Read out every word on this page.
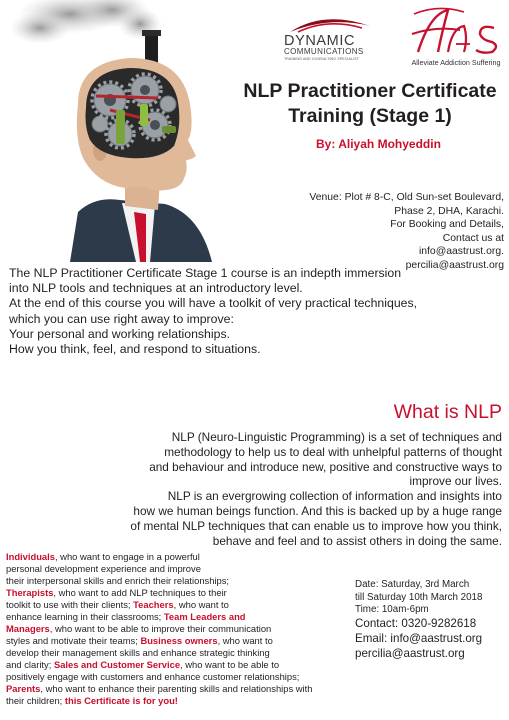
DYNAMIC
COMMUNICATIONS
TRAINING AND CONSULTING SPECIALIST	Alleviate Addiction Suffering
NLP Practitioner Certificate
Training (Stage 1)
By: Aliyah Mohyeddin
Venue: Plot # 8-C, Old Sun-set Boulevard,
Phase 2, DHA, Karachi.
For Booking and Details,
Contact us at
info@aastrust.org.
percilia@aastrust.org
The NLP Practitioner Certificate Stage 1 course is an indepth immersion
into NLP tools and techniques at an introductory level.
At the end of this course you will have a toolkit of very practical techniques,
which you can use right away to improve:
Your personal and working relationships.
How you think, feel, and respond to situations.
What is NLP
NLP (Neuro-Linguistic Programming) is a set of techniques and
methodology to help us to deal with unhelpful patterns of thought
and behaviour and introduce new, positive and constructive ways to
improve our lives.
NLP is an evergrowing collection of information and insights into
how we human beings function. And this is backed up by a huge range
of mental NLP techniques that can enable us to improve how you think,
behave and feel and to assist others in doing the same.
Individuals, who want to engage in a powerful
personal development experience and improve
their interpersonal skills and enrich their relationships;
Therapists, who want to add NLP techniques to their
toolkit to use with their clients; Teachers, who want to
enhance learning in their classrooms; Team Leaders and
Managers, who want to be able to improve their communication
styles and motivate their teams; Business owners, who want to
develop their management skills and enhance strategic thinking
and clarity; Sales and Customer Service, who want to be able to
positively engage with customers and enhance customer relationships;
Parents, who want to enhance their parenting skills and relationships with
their children; this Certificate is for you!
Date: Saturday, 3rd March
till Saturday 10th March 2018
Time: 10am-6pm
Contact: 0320-9282618
Email: info@aastrust.org
percilia@aastrust.org
